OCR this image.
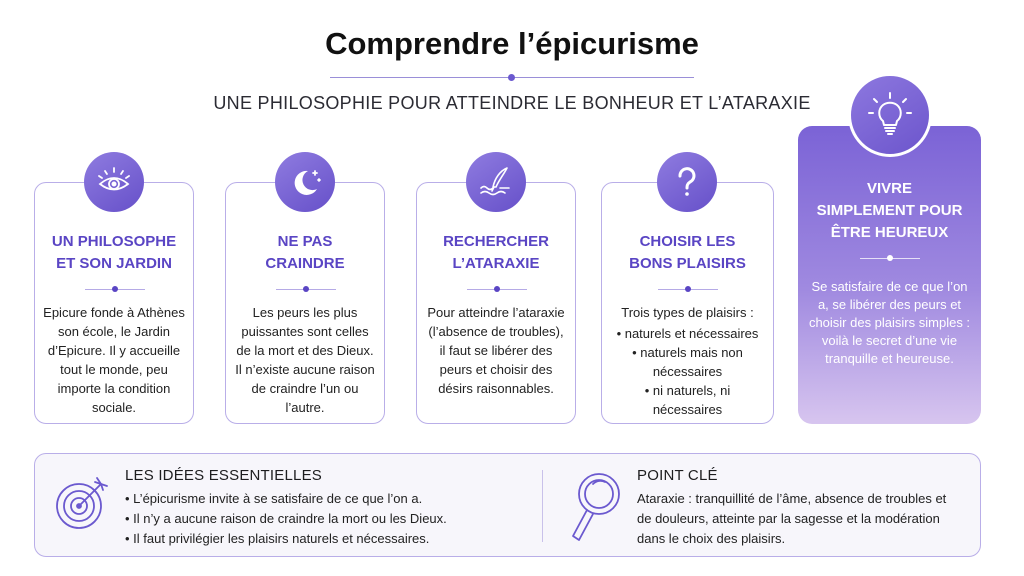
Comprendre l’épicurisme
UNE PHILOSOPHIE POUR ATTEINDRE LE BONHEUR ET L’ATARAXIE
UN PHILOSOPHE
ET SON JARDIN
Epicure fonde à Athènes son école, le Jardin d’Epicure. Il y accueille tout le monde, peu importe la condition sociale.
NE PAS
CRAINDRE
Les peurs les plus puissantes sont celles de la mort et des Dieux. Il n’existe aucune raison de craindre l’un ou l’autre.
RECHERCHER
L’ATARAXIE
Pour atteindre l’ataraxie (l’absence de troubles), il faut se libérer des peurs et choisir des désirs raisonnables.
CHOISIR LES
BONS PLAISIRS
Trois types de plaisirs :
• naturels et nécessaires
• naturels mais non nécessaires
• ni naturels, ni nécessaires
VIVRE
SIMPLEMENT POUR
ÊTRE HEUREUX
Se satisfaire de ce que l’on a, se libérer des peurs et choisir des plaisirs simples : voilà le secret d’une vie tranquille et heureuse.
LES IDÉES ESSENTIELLES
• L’épicurisme invite à se satisfaire de ce que l’on a.
• Il n’y a aucune raison de craindre la mort ou les Dieux.
• Il faut privilégier les plaisirs naturels et nécessaires.
POINT CLÉ
Ataraxie : tranquillité de l’âme, absence de troubles et de douleurs, atteinte par la sagesse et la modération dans le choix des plaisirs.
